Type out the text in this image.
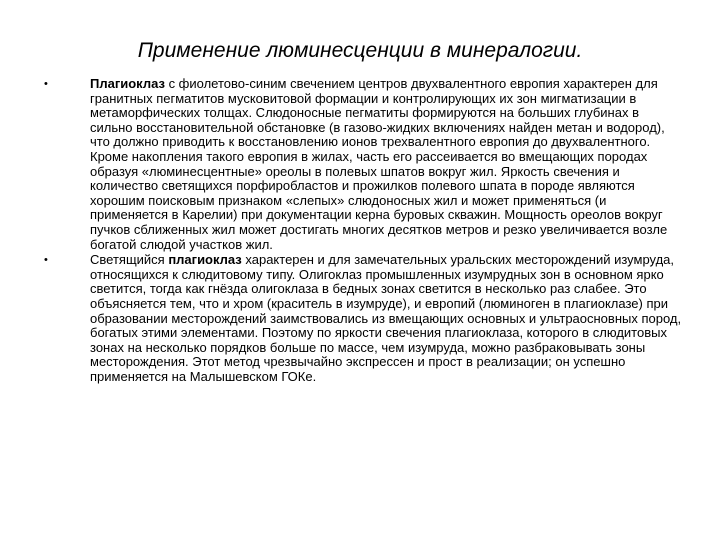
Применение люминесценции в минералогии.
•	Плагиоклаз с фиолетово-синим свечением центров двухвалентного европия характерен для гранитных пегматитов мусковитовой формации и контролирующих их зон мигматизации в метаморфических толщах. Слюдоносные пегматиты формируются на больших глубинах в сильно восстановительной обстановке (в газово-жидких включениях найден метан и водород), что должно приводить к восстановлению ионов трехвалентного европия до двухвалентного. Кроме накопления такого европия в жилах, часть его рассеивается во вмещающих породах образуя «люминесцентные» ореолы в полевых шпатов вокруг жил. Яркость свечения и количество светящихся порфиробластов и прожилков полевого шпата в породе являются хорошим поисковым признаком «слепых» слюдоносных жил и может применяться (и применяется в Карелии) при документации керна буровых скважин. Мощность ореолов вокруг пучков сближенных жил может достигать многих десятков метров и резко увеличивается возле богатой слюдой участков жил.
•	Светящийся плагиоклаз характерен и для замечательных уральских месторождений изумруда, относящихся к слюдитовому типу. Олигоклаз промышленных изумрудных зон в основном ярко светится, тогда как гнёзда олигоклаза в бедных зонах светится в несколько раз слабее. Это объясняется тем, что и хром (краситель в изумруде), и европий (люминоген в плагиоклазе) при образовании месторождений заимствовались из вмещающих основных и ультраосновных пород, богатых этими элементами. Поэтому по яркости свечения плагиоклаза, которого в слюдитовых зонах на несколько порядков больше по массе, чем изумруда, можно разбраковывать зоны месторождения. Этот метод чрезвычайно экспрессен и прост в реализации; он успешно применяется на Малышевском ГОКе.
